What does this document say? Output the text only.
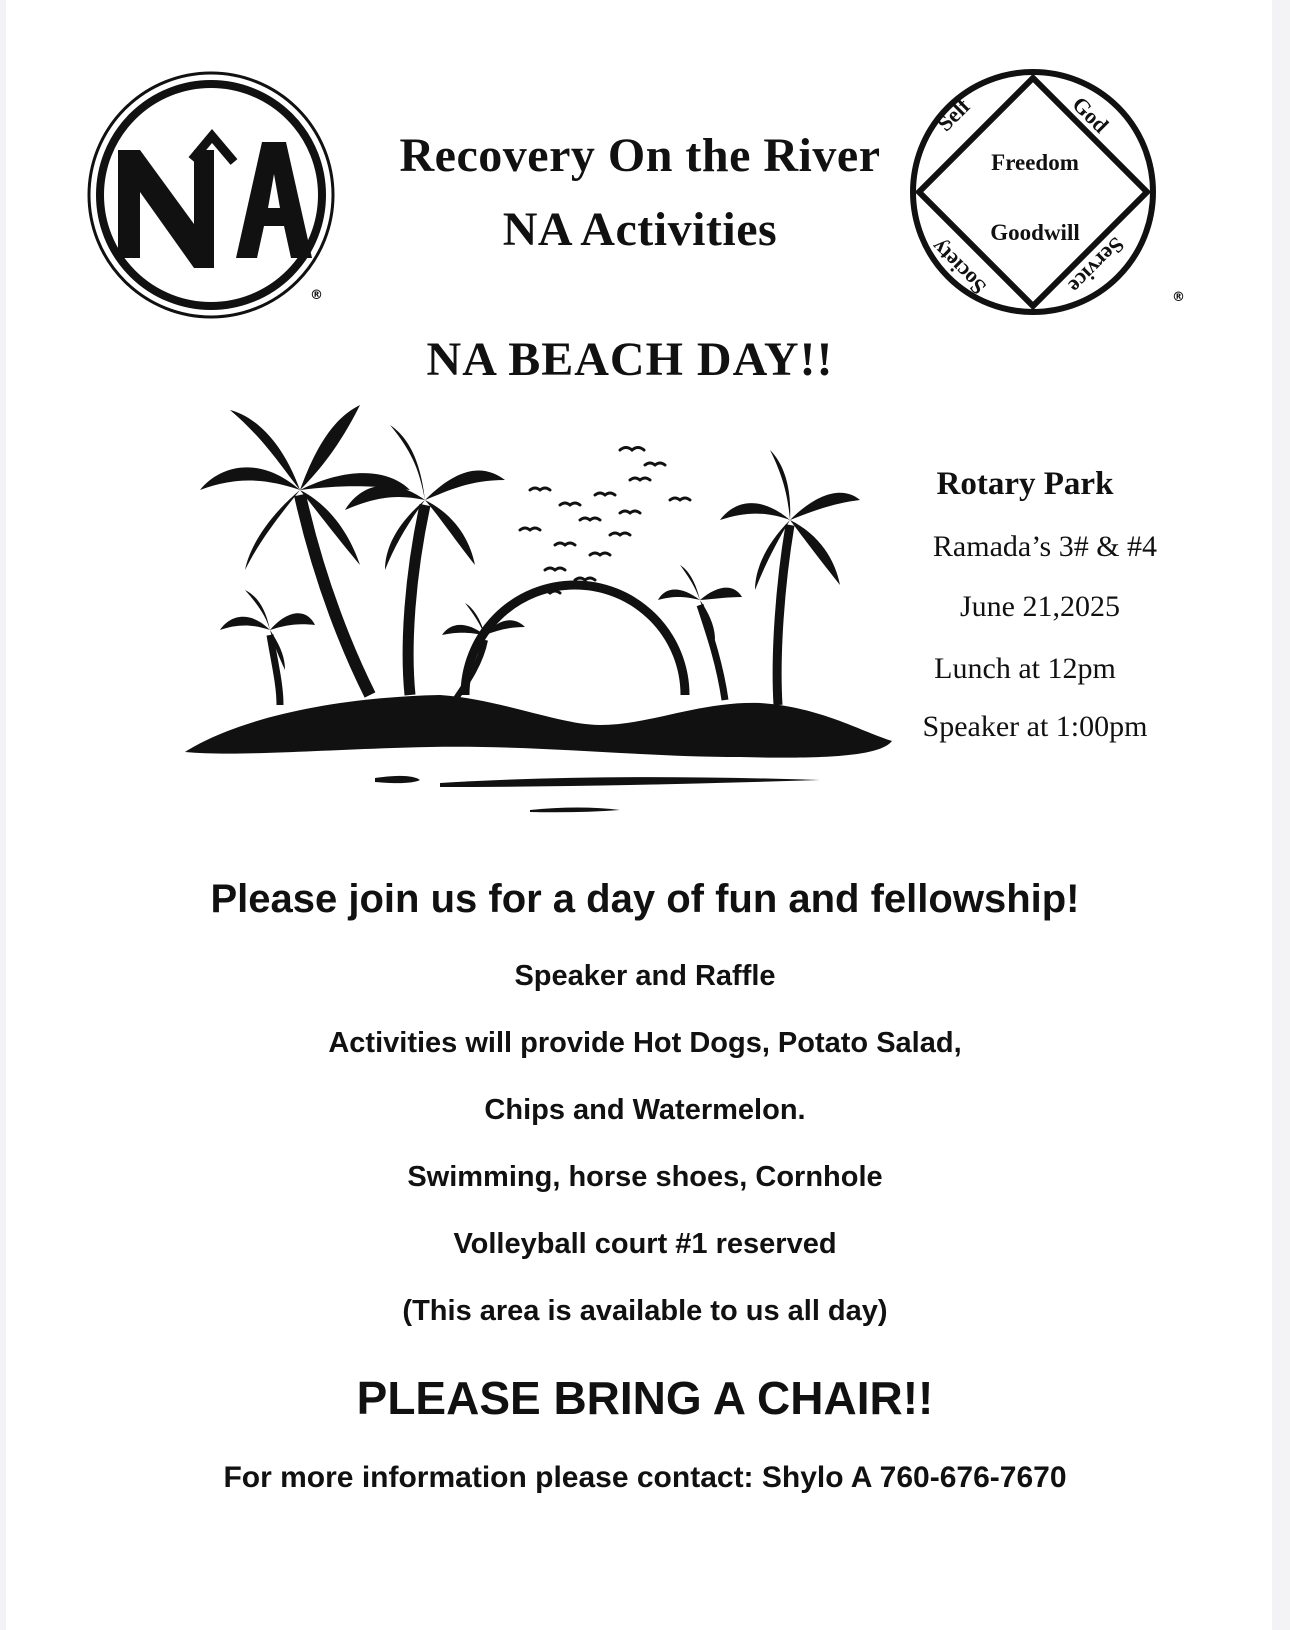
®
Recovery On the River
NA Activities
Self	God
Society	Service
Freedom
Goodwill
®
NA BEACH DAY!!
Rotary Park
Ramada’s 3# & #4
June 21,2025
Lunch at 12pm
Speaker at 1:00pm
Please join us for a day of fun and fellowship!
Speaker and Raffle
Activities will provide Hot Dogs, Potato Salad,
Chips and Watermelon.
Swimming, horse shoes, Cornhole
Volleyball court #1 reserved
(This area is available to us all day)
PLEASE BRING A CHAIR!!
For more information please contact: Shylo A 760-676-7670
